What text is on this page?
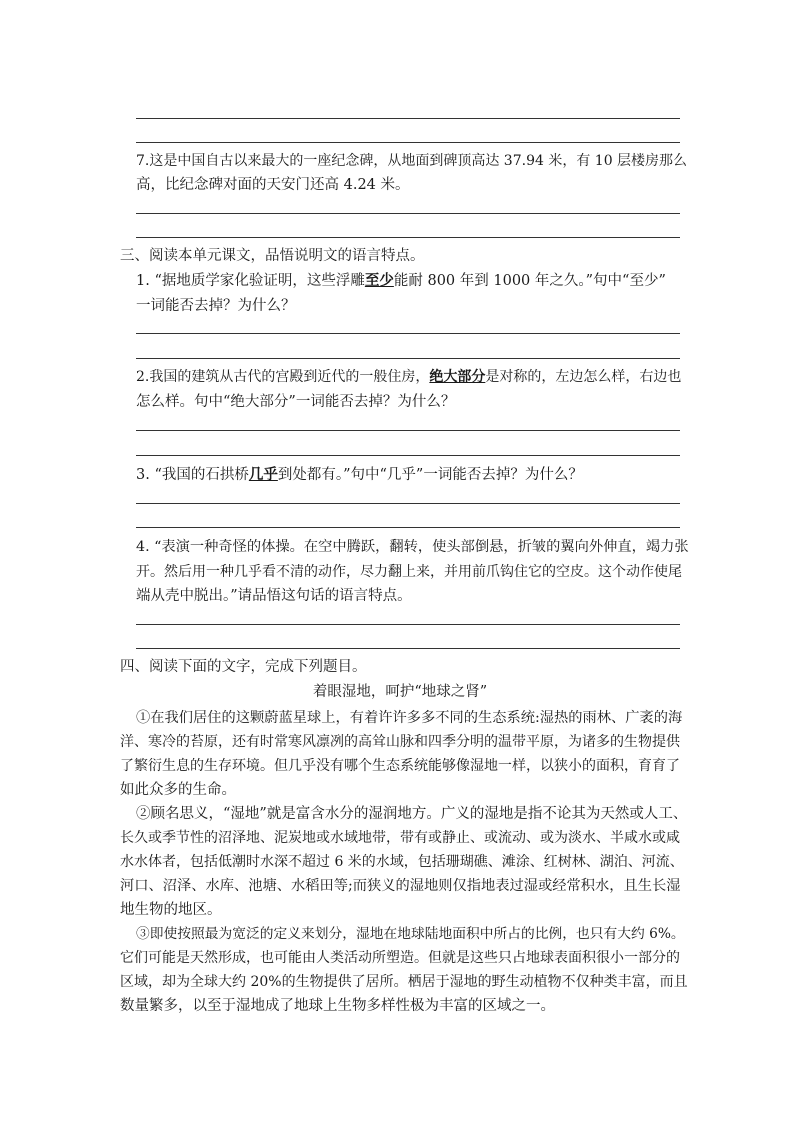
7.这是中国自古以来最大的一座纪念碑，从地面到碑顶高达 37.94 米，有 10 层楼房那么
高，比纪念碑对面的天安门还高 4.24 米。
三、阅读本单元课文，品悟说明文的语言特点。
1. “据地质学家化验证明，这些浮雕至少能耐 800 年到 1000 年之久。”句中“至少”
一词能否去掉？为什么？
2.我国的建筑从古代的宫殿到近代的一般住房，绝大部分是对称的，左边怎么样，右边也
怎么样。句中“绝大部分”一词能否去掉？为什么？
3. “我国的石拱桥几乎到处都有。”句中“几乎”一词能否去掉？为什么？
4. “表演一种奇怪的体操。在空中腾跃，翻转，使头部倒悬，折皱的翼向外伸直，竭力张
开。然后用一种几乎看不清的动作，尽力翻上来，并用前爪钩住它的空皮。这个动作使尾
端从壳中脱出。”请品悟这句话的语言特点。
四、阅读下面的文字，完成下列题目。
着眼湿地，呵护“地球之肾”
①在我们居住的这颗蔚蓝星球上，有着许许多多不同的生态系统:湿热的雨林、广袤的海
洋、寒冷的苔原，还有时常寒风凛冽的高耸山脉和四季分明的温带平原，为诸多的生物提供
了繁衍生息的生存环境。但几乎没有哪个生态系统能够像湿地一样，以狭小的面积，育育了
如此众多的生命。
②顾名思义，“湿地”就是富含水分的湿润地方。广义的湿地是指不论其为天然或人工、
长久或季节性的沼泽地、泥炭地或水域地带，带有或静止、或流动、或为淡水、半咸水或咸
水水体者，包括低潮时水深不超过 6 米的水域，包括珊瑚礁、滩涂、红树林、湖泊、河流、
河口、沼泽、水库、池塘、水稻田等;而狭义的湿地则仅指地表过湿或经常积水，且生长湿
地生物的地区。
③即使按照最为宽泛的定义来划分，湿地在地球陆地面积中所占的比例，也只有大约 6%。
它们可能是天然形成，也可能由人类活动所塑造。但就是这些只占地球表面积很小一部分的
区域，却为全球大约 20%的生物提供了居所。栖居于湿地的野生动植物不仅种类丰富，而且
数量繁多，以至于湿地成了地球上生物多样性极为丰富的区域之一。
